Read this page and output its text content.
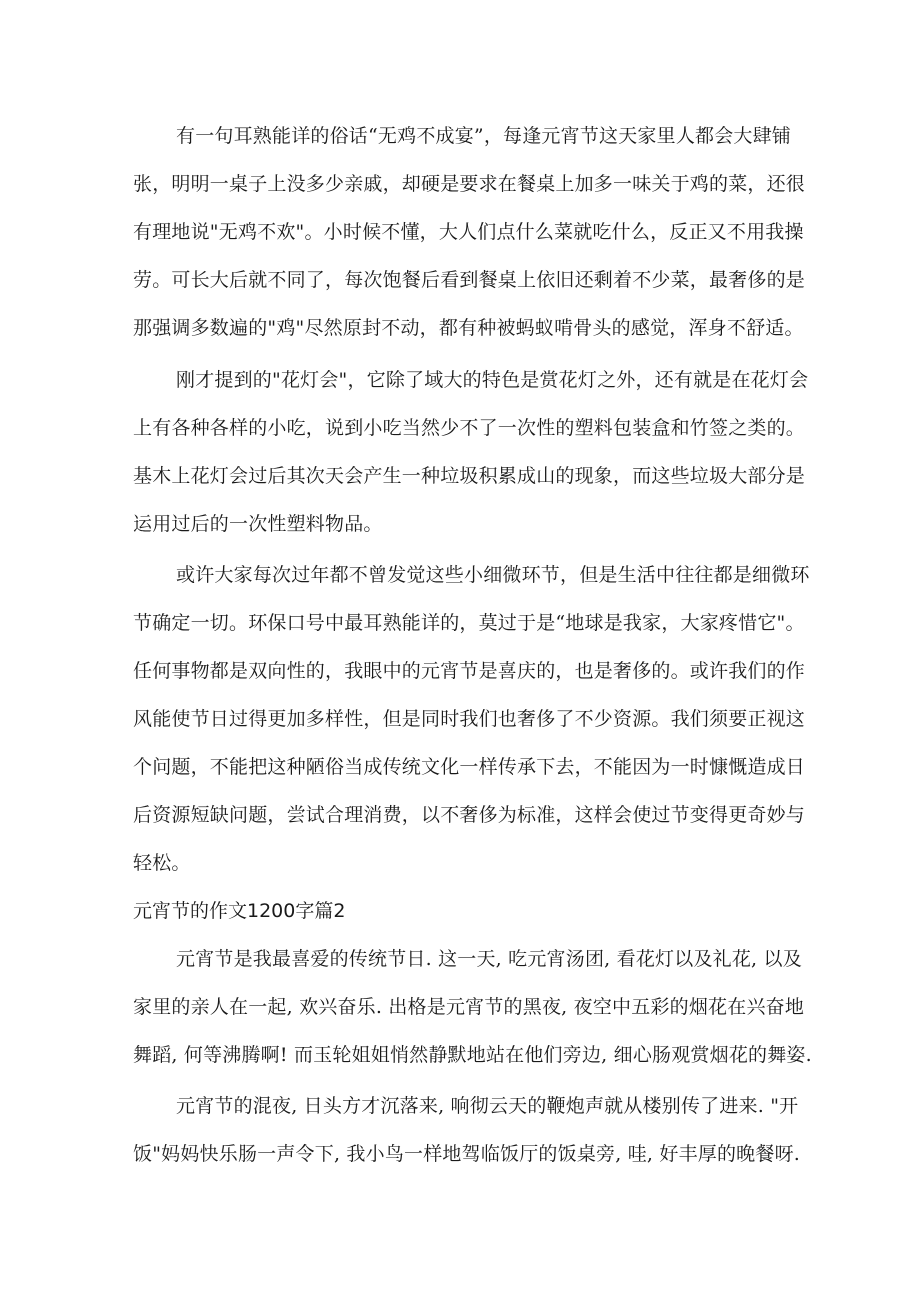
有一句耳熟能详的俗话“无鸡不成宴”，每逢元宵节这天家里人都会大肆铺
张，明明一桌子上没多少亲戚，却硬是要求在餐桌上加多一味关于鸡的菜，还很
有理地说"无鸡不欢"。小时候不懂，大人们点什么菜就吃什么，反正又不用我操
劳。可长大后就不同了，每次饱餐后看到餐桌上依旧还剩着不少菜，最奢侈的是
那强调多数遍的"鸡"尽然原封不动，都有种被蚂蚁啃骨头的感觉，浑身不舒适。
刚才提到的"花灯会"，它除了域大的特色是赏花灯之外，还有就是在花灯会
上有各种各样的小吃，说到小吃当然少不了一次性的塑料包装盒和竹签之类的。
基木上花灯会过后其次天会产生一种垃圾积累成山的现象，而这些垃圾大部分是
运用过后的一次性塑料物品。
或许大家每次过年都不曾发觉这些小细微环节，但是生活中往往都是细微环
节确定一切。环保口号中最耳熟能详的，莫过于是“地球是我家，大家疼惜它"。
任何事物都是双向性的，我眼中的元宵节是喜庆的，也是奢侈的。或许我们的作
风能使节日过得更加多样性，但是同时我们也奢侈了不少资源。我们须要正视这
个问题，不能把这种陋俗当成传统文化一样传承下去，不能因为一时慷慨造成日
后资源短缺问题，尝试合理消费，以不奢侈为标准，这样会使过节变得更奇妙与
轻松。
元宵节的作文1200字篇2
元宵节是我最喜爱的传统节日. 这一天, 吃元宵汤团, 看花灯以及礼花, 以及
家里的亲人在一起, 欢兴奋乐. 出格是元宵节的黑夜, 夜空中五彩的烟花在兴奋地
舞蹈, 何等沸腾啊! 而玉轮姐姐悄然静默地站在他们旁边, 细心肠观赏烟花的舞姿.
元宵节的混夜, 日头方才沉落来, 响彻云天的鞭炮声就从楼别传了进来. "开
饭"妈妈快乐肠一声令下, 我小鸟一样地驾临饭厅的饭桌旁, 哇, 好丰厚的晚餐呀.
